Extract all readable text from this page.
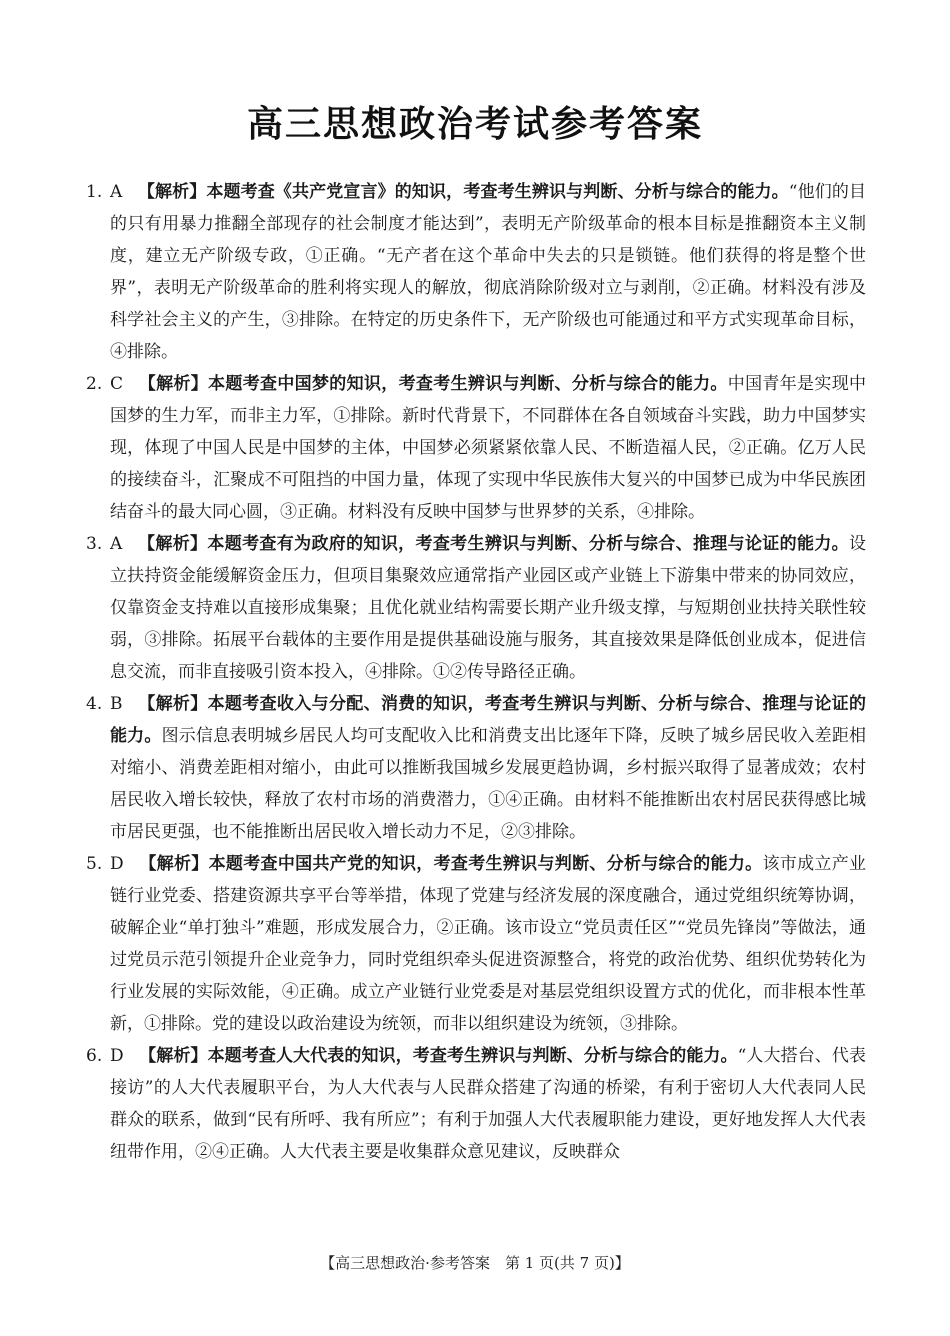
高三思想政治考试参考答案
1. A 【解析】本题考查《共产党宣言》的知识，考查考生辨识与判断、分析与综合的能力。“他们的目的只有用暴力推翻全部现存的社会制度才能达到”，表明无产阶级革命的根本目标是推翻资本主义制度，建立无产阶级专政，①正确。“无产者在这个革命中失去的只是锁链。他们获得的将是整个世界”，表明无产阶级革命的胜利将实现人的解放，彻底消除阶级对立与剥削，②正确。材料没有涉及科学社会主义的产生，③排除。在特定的历史条件下，无产阶级也可能通过和平方式实现革命目标，④排除。
2. C 【解析】本题考查中国梦的知识，考查考生辨识与判断、分析与综合的能力。中国青年是实现中国梦的生力军，而非主力军，①排除。新时代背景下，不同群体在各自领域奋斗实践，助力中国梦实现，体现了中国人民是中国梦的主体，中国梦必须紧紧依靠人民、不断造福人民，②正确。亿万人民的接续奋斗，汇聚成不可阻挡的中国力量，体现了实现中华民族伟大复兴的中国梦已成为中华民族团结奋斗的最大同心圆，③正确。材料没有反映中国梦与世界梦的关系，④排除。
3. A 【解析】本题考查有为政府的知识，考查考生辨识与判断、分析与综合、推理与论证的能力。设立扶持资金能缓解资金压力，但项目集聚效应通常指产业园区或产业链上下游集中带来的协同效应，仅靠资金支持难以直接形成集聚；且优化就业结构需要长期产业升级支撑，与短期创业扶持关联性较弱，③排除。拓展平台载体的主要作用是提供基础设施与服务，其直接效果是降低创业成本，促进信息交流，而非直接吸引资本投入，④排除。①②传导路径正确。
4. B 【解析】本题考查收入与分配、消费的知识，考查考生辨识与判断、分析与综合、推理与论证的能力。图示信息表明城乡居民人均可支配收入比和消费支出比逐年下降，反映了城乡居民收入差距相对缩小、消费差距相对缩小，由此可以推断我国城乡发展更趋协调，乡村振兴取得了显著成效；农村居民收入增长较快，释放了农村市场的消费潜力，①④正确。由材料不能推断出农村居民获得感比城市居民更强，也不能推断出居民收入增长动力不足，②③排除。
5. D 【解析】本题考查中国共产党的知识，考查考生辨识与判断、分析与综合的能力。该市成立产业链行业党委、搭建资源共享平台等举措，体现了党建与经济发展的深度融合，通过党组织统筹协调，破解企业“单打独斗”难题，形成发展合力，②正确。该市设立“党员责任区”“党员先锋岗”等做法，通过党员示范引领提升企业竞争力，同时党组织牵头促进资源整合，将党的政治优势、组织优势转化为行业发展的实际效能，④正确。成立产业链行业党委是对基层党组织设置方式的优化，而非根本性革新，①排除。党的建设以政治建设为统领，而非以组织建设为统领，③排除。
6. D 【解析】本题考查人大代表的知识，考查考生辨识与判断、分析与综合的能力。“人大搭台、代表接访”的人大代表履职平台，为人大代表与人民群众搭建了沟通的桥梁，有利于密切人大代表同人民群众的联系，做到“民有所呼、我有所应”；有利于加强人大代表履职能力建设，更好地发挥人大代表纽带作用，②④正确。人大代表主要是收集群众意见建议，反映群众
【高三思想政治·参考答案　第 1 页(共 7 页)】
